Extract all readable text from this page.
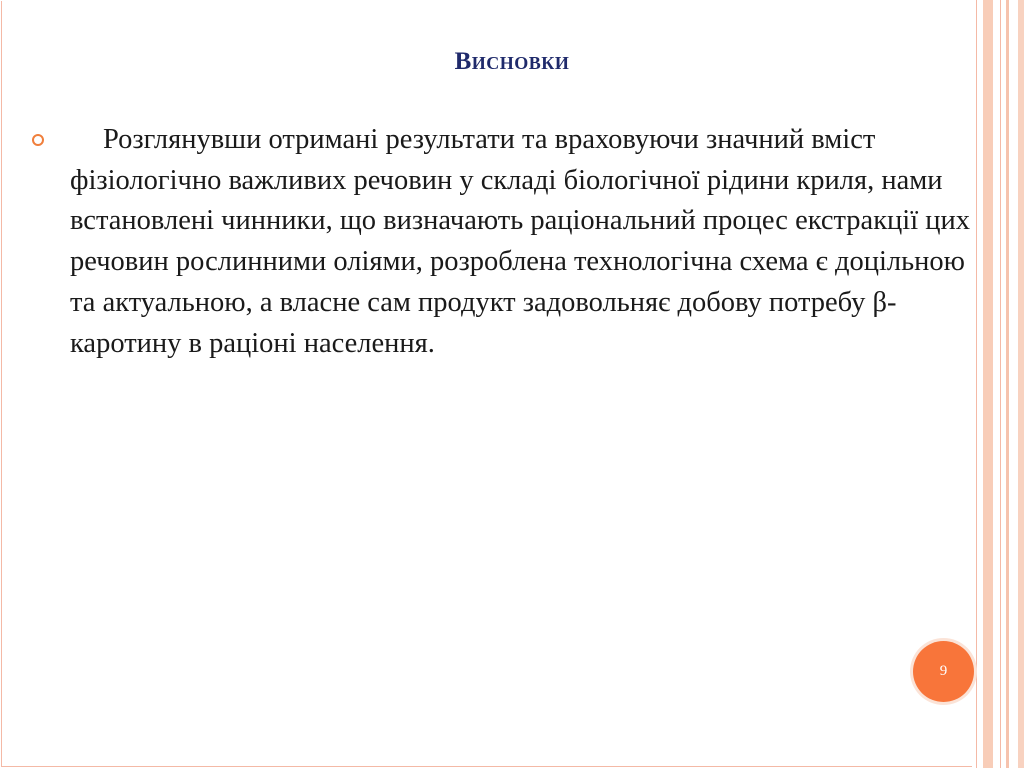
Висновки

Розглянувши отримані результати та враховуючи значний вміст фізіологічно важливих речовин у складі біологічної рідини криля, нами встановлені чинники, що визначають раціональний процес екстракції цих речовин рослинними оліями, розроблена технологічна схема є доцільною та актуальною, а власне сам продукт задовольняє добову потребу β-каротину в раціоні населення.

9
